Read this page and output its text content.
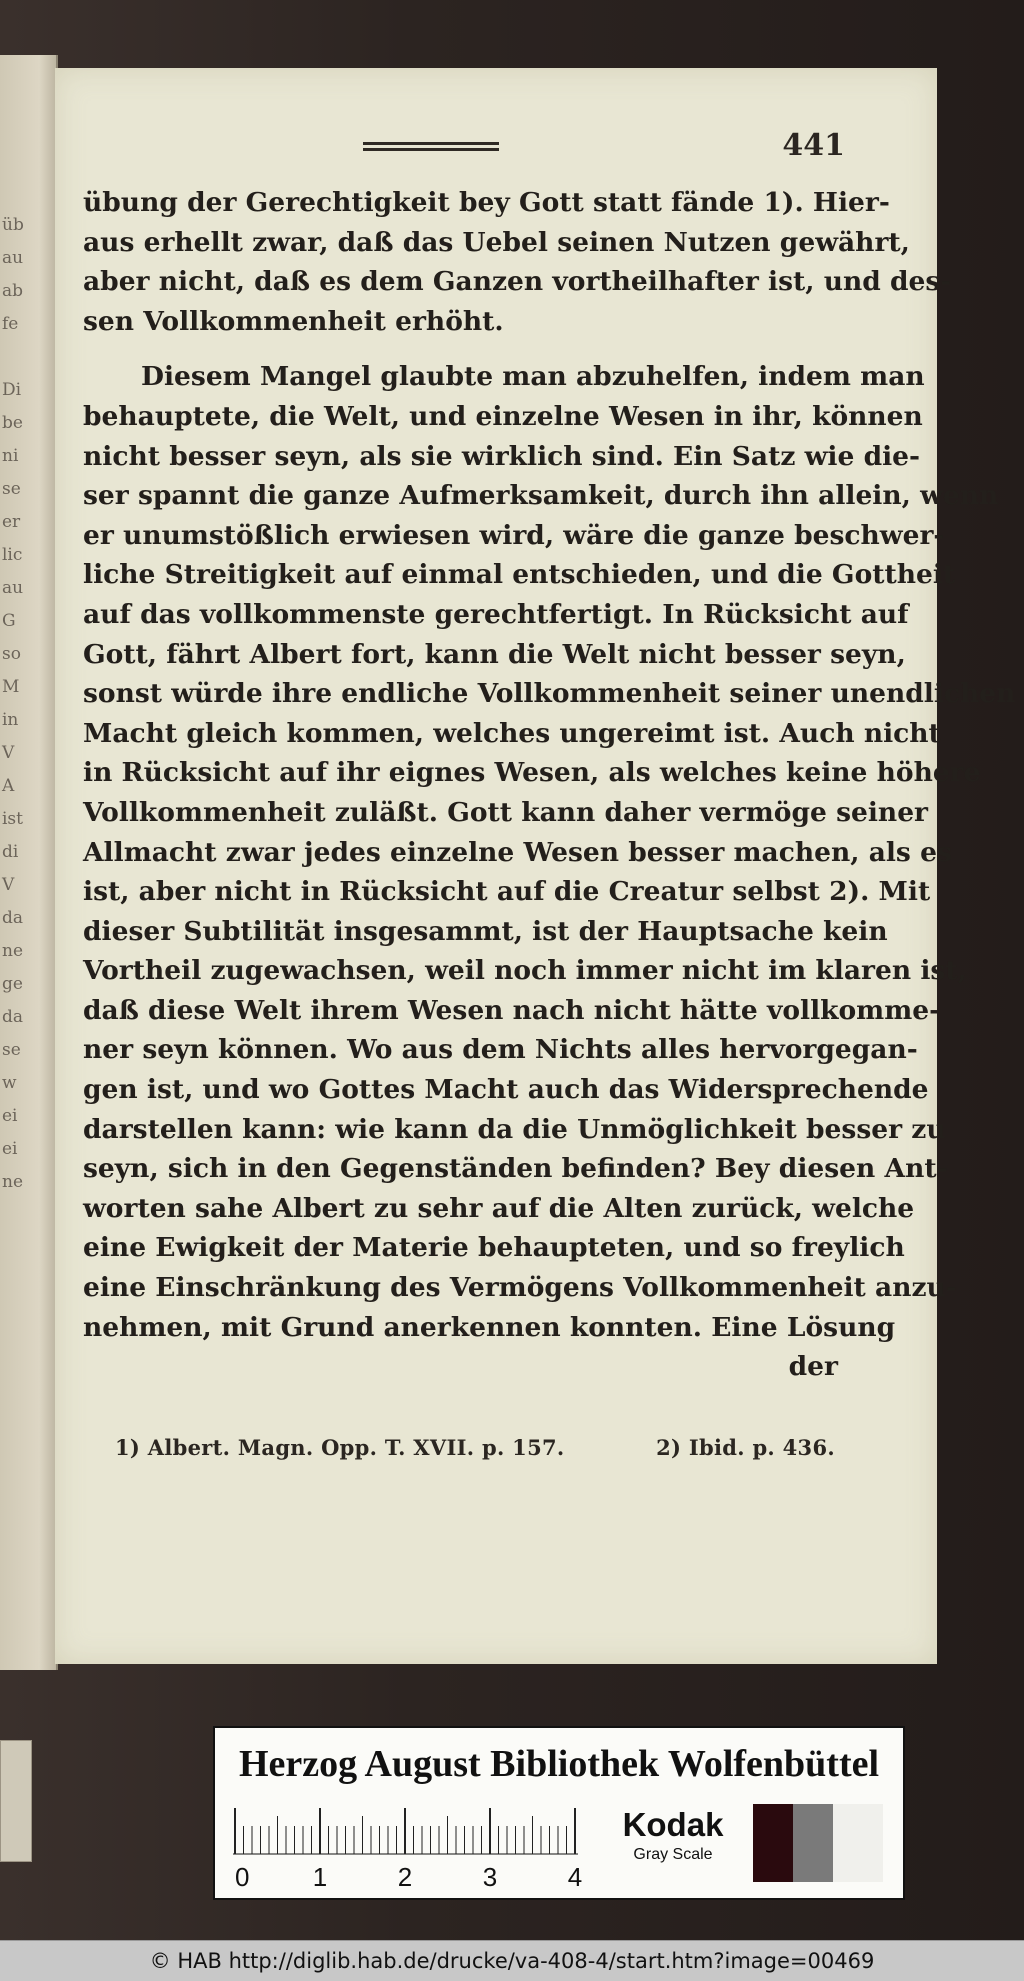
üb
au
ab
fe
Di
be
ni
se
er
lic
au
G
so
M
in
V
A
ist
di
V
da
ne
ge
da
se
w
ei
ei
ne
441
übung der Gerechtigkeit bey Gott statt fände 1). Hier-
aus erhellt zwar, daß das Uebel seinen Nutzen gewährt,
aber nicht, daß es dem Ganzen vortheilhafter ist, und des-
sen Vollkommenheit erhöht.
Diesem Mangel glaubte man abzuhelfen, indem man
behauptete, die Welt, und einzelne Wesen in ihr, können
nicht besser seyn, als sie wirklich sind. Ein Satz wie die-
ser spannt die ganze Aufmerksamkeit, durch ihn allein, wenn
er unumstößlich erwiesen wird, wäre die ganze beschwer-
liche Streitigkeit auf einmal entschieden, und die Gottheit
auf das vollkommenste gerechtfertigt. In Rücksicht auf
Gott, fährt Albert fort, kann die Welt nicht besser seyn,
sonst würde ihre endliche Vollkommenheit seiner unendlichen
Macht gleich kommen, welches ungereimt ist. Auch nicht
in Rücksicht auf ihr eignes Wesen, als welches keine höhere
Vollkommenheit zuläßt. Gott kann daher vermöge seiner
Allmacht zwar jedes einzelne Wesen besser machen, als es
ist, aber nicht in Rücksicht auf die Creatur selbst 2). Mit
dieser Subtilität insgesammt, ist der Hauptsache kein
Vortheil zugewachsen, weil noch immer nicht im klaren ist,
daß diese Welt ihrem Wesen nach nicht hätte vollkomme-
ner seyn können. Wo aus dem Nichts alles hervorgegan-
gen ist, und wo Gottes Macht auch das Widersprechende
darstellen kann: wie kann da die Unmöglichkeit besser zu
seyn, sich in den Gegenständen befinden? Bey diesen Ant-
worten sahe Albert zu sehr auf die Alten zurück, welche
eine Ewigkeit der Materie behaupteten, und so freylich
eine Einschränkung des Vermögens Vollkommenheit anzu-
nehmen, mit Grund anerkennen konnten. Eine Lösung
der
1) Albert. Magn. Opp. T. XVII. p. 157.	2) Ibid. p. 436.
Herzog August Bibliothek Wolfenbüttel
0 1	2	3	4
Kodak
Gray Scale
© HAB http://diglib.hab.de/drucke/va-408-4/start.htm?image=00469
